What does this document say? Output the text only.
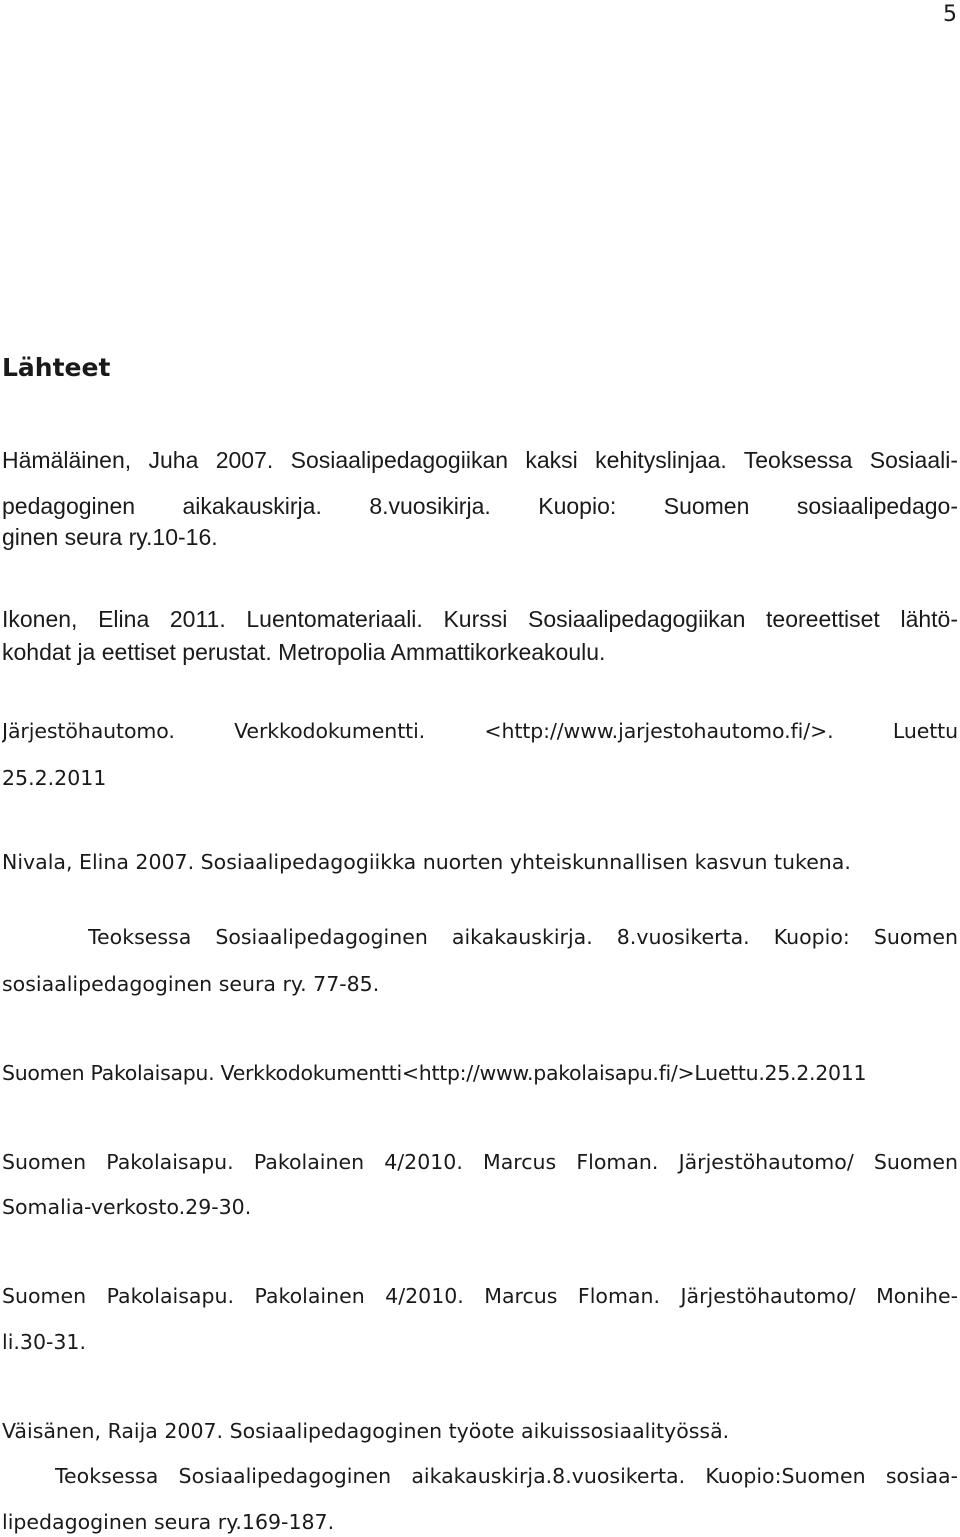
5
Lähteet
Hämäläinen, Juha 2007. Sosiaalipedagogiikan kaksi kehityslinjaa. Teoksessa Sosiaali-
pedagoginen aikakauskirja. 8.vuosikirja. Kuopio: Suomen sosiaalipedago-
ginen seura ry.10-16.
Ikonen, Elina 2011. Luentomateriaali. Kurssi Sosiaalipedagogiikan teoreettiset lähtö-
kohdat ja eettiset perustat. Metropolia Ammattikorkeakoulu.
Järjestöhautomo. Verkkodokumentti. <http://www.jarjestohautomo.fi/>. Luettu
25.2.2011
Nivala, Elina 2007. Sosiaalipedagogiikka nuorten yhteiskunnallisen kasvun tukena.
Teoksessa Sosiaalipedagoginen aikakauskirja. 8.vuosikerta. Kuopio: Suomen
sosiaalipedagoginen seura ry. 77-85.
Suomen Pakolaisapu. Verkkodokumentti<http://www.pakolaisapu.fi/>Luettu.25.2.2011
Suomen Pakolaisapu. Pakolainen 4/2010. Marcus Floman. Järjestöhautomo/ Suomen
Somalia-verkosto.29-30.
Suomen Pakolaisapu. Pakolainen 4/2010. Marcus Floman. Järjestöhautomo/ Monihe-
li.30-31.
Väisänen, Raija 2007. Sosiaalipedagoginen työote aikuissosiaalityössä.
Teoksessa Sosiaalipedagoginen aikakauskirja.8.vuosikerta. Kuopio:Suomen sosiaa-
lipedagoginen seura ry.169-187.
